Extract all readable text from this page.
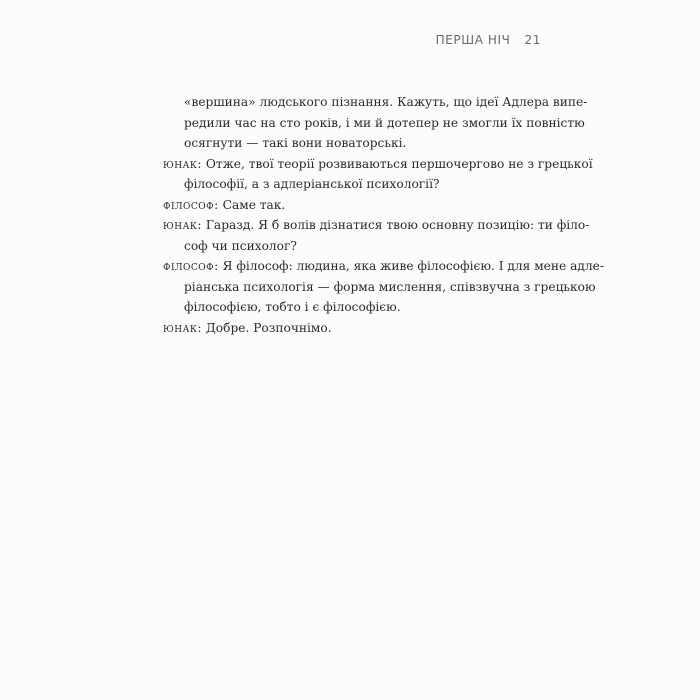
ПЕРША НІЧ 21
«вершина» людського пізнання. Кажуть, що ідеї Адлера випе-
редили час на сто років, і ми й дотепер не змогли їх повністю
осягнути — такі вони новаторські.
юнак: Отже, твої теорії розвиваються першочергово не з грецької
філософії, а з адлеріанської психології?
філософ: Саме так.
юнак: Гаразд. Я б волів дізнатися твою основну позицію: ти філо-
соф чи психолог?
філософ: Я філософ: людина, яка живе філософією. І для мене адле-
ріанська психологія — форма мислення, співзвучна з грецькою
філософією, тобто і є філософією.
юнак: Добре. Розпочнімо.
